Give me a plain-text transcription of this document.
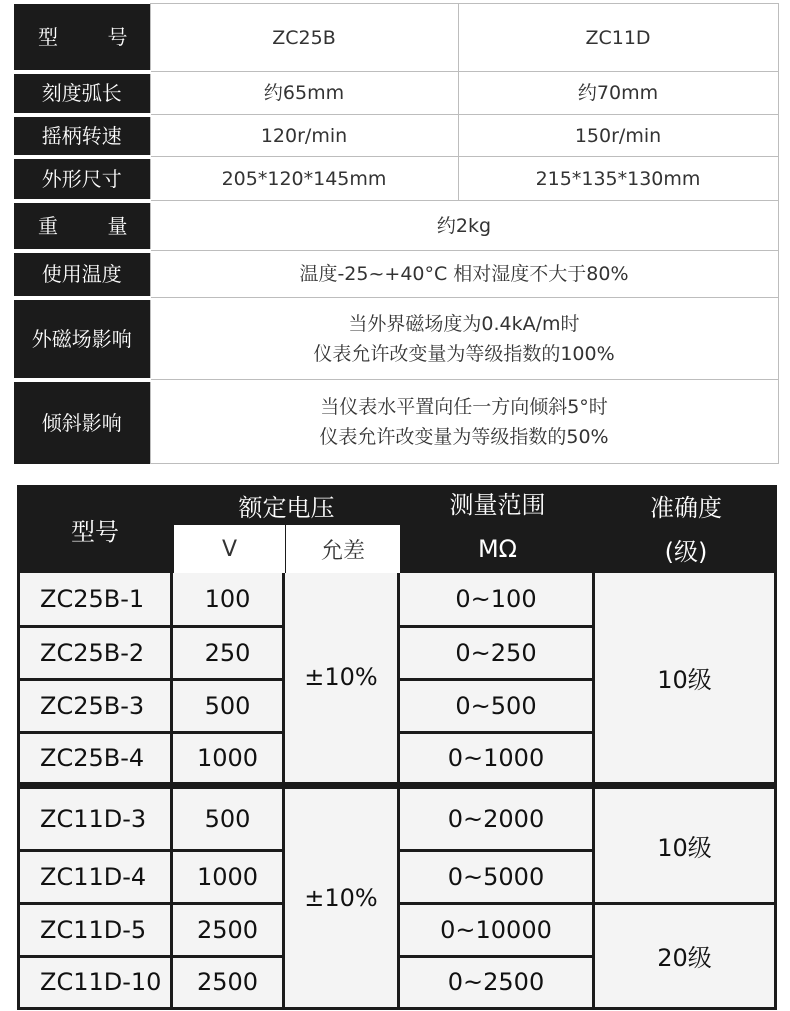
型号	ZC25B	ZC11D
刻度弧长	约65mm	约70mm
摇柄转速	120r/min	150r/min
外形尺寸	205*120*145mm	215*135*130mm
重量	约2kg	
使用温度	温度-25~+40°C 相对湿度不大于80%	
外磁场影响	当外界磁场度为0.4kA/m时
仪表允许改变量为等级指数的100%	

倾斜影响	当仪表水平置向任一方向倾斜5°时
仪表允许改变量为等级指数的50%	
型号	额定电压		测量范围	准确度
	V	允差	MΩ	(级)
ZC25B-1	100	±10%	0~100	10级
ZC25B-2	250		0~250	
ZC25B-3	500		0~500	
ZC25B-4	1000		0~1000	

ZC11D-3	500	±10%	0~2000	10级
ZC11D-4	1000		0~5000	
ZC11D-5	2500		0~10000	20级
ZC11D-10	2500		0~2500	
